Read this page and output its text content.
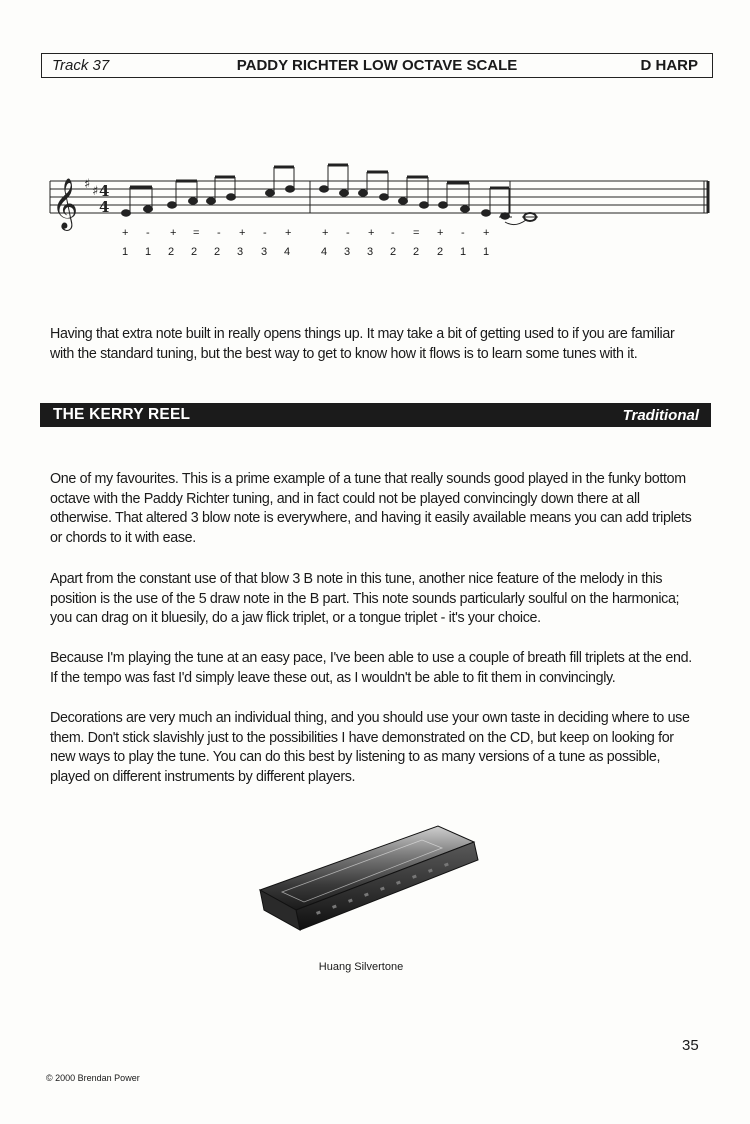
Track 37	PADDY RICHTER LOW OCTAVE SCALE	D HARP
𝄞 ♯ ♯ 4
4
+ - + = - + - +	+ - + - = + - +
1 1 2 2 2 3 3 4	4 3 3 2 2 2 1 1

Having that extra note built in really opens things up. It may take a bit of getting used to if you are familiar with the standard tuning, but the best way to get to know how it flows is to learn some tunes with it.

THE KERRY REEL	Traditional

One of my favourites. This is a prime example of a tune that really sounds good played in the funky bottom octave with the Paddy Richter tuning, and in fact could not be played convincingly down there at all otherwise. That altered 3 blow note is everywhere, and having it easily available means you can add triplets or chords to it with ease.

Apart from the constant use of that blow 3 B note in this tune, another nice feature of the melody in this position is the use of the 5 draw note in the B part. This note sounds particularly soulful on the harmonica; you can drag on it bluesily, do a jaw flick triplet, or a tongue triplet - it's your choice.

Because I'm playing the tune at an easy pace, I've been able to use a couple of breath fill triplets at the end. If the tempo was fast I'd simply leave these out, as I wouldn't be able to fit them in convincingly.

Decorations are very much an individual thing, and you should use your own taste in deciding where to use them. Don't stick slavishly just to the possibilities I have demonstrated on the CD, but keep on looking for new ways to play the tune. You can do this best by listening to as many versions of a tune as possible, played on different instruments by different players.

Huang Silvertone
35
© 2000 Brendan Power
